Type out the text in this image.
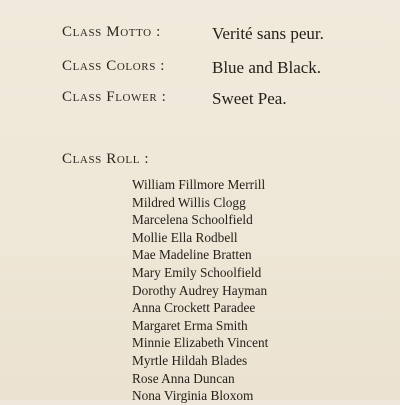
Class Motto :	Verité sans peur.
Class Colors :	Blue and Black.
Class Flower :	Sweet Pea.
Class Roll :
William Fillmore Merrill
Mildred Willis Clogg
Marcelena Schoolfield
Mollie Ella Rodbell
Mae Madeline Bratten
Mary Emily Schoolfield
Dorothy Audrey Hayman
Anna Crockett Paradee
Margaret Erma Smith
Minnie Elizabeth Vincent
Myrtle Hildah Blades
Rose Anna Duncan
Nona Virginia Bloxom
